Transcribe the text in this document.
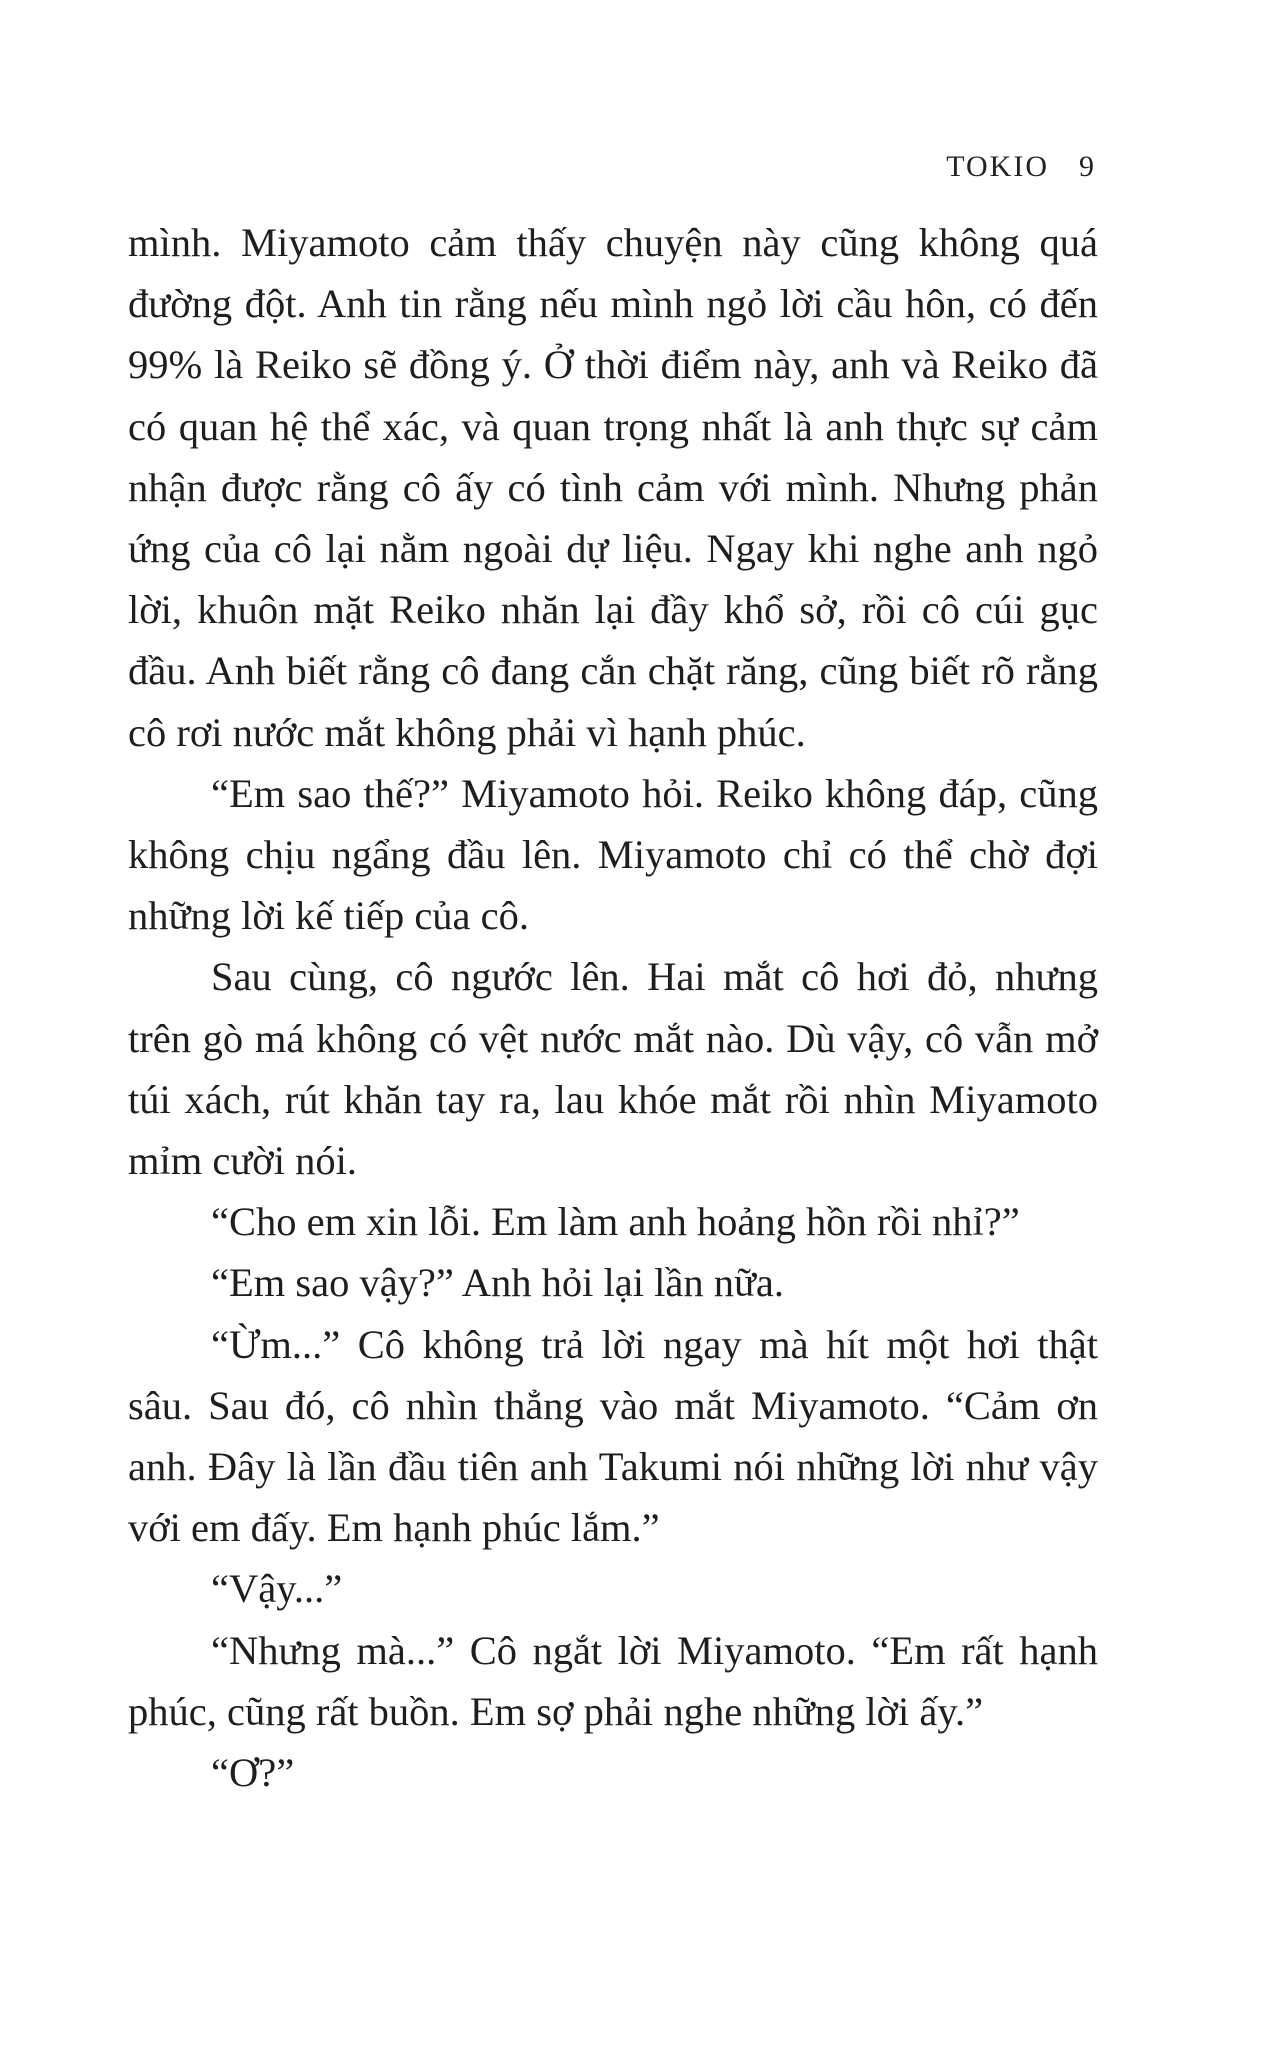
TOKIO 9

mình. Miyamoto cảm thấy chuyện này cũng không quá đường đột. Anh tin rằng nếu mình ngỏ lời cầu hôn, có đến 99% là Reiko sẽ đồng ý. Ở thời điểm này, anh và Reiko đã có quan hệ thể xác, và quan trọng nhất là anh thực sự cảm nhận được rằng cô ấy có tình cảm với mình. Nhưng phản ứng của cô lại nằm ngoài dự liệu. Ngay khi nghe anh ngỏ lời, khuôn mặt Reiko nhăn lại đầy khổ sở, rồi cô cúi gục đầu. Anh biết rằng cô đang cắn chặt răng, cũng biết rõ rằng cô rơi nước mắt không phải vì hạnh phúc.

“Em sao thế?” Miyamoto hỏi. Reiko không đáp, cũng không chịu ngẩng đầu lên. Miyamoto chỉ có thể chờ đợi những lời kế tiếp của cô.

Sau cùng, cô ngước lên. Hai mắt cô hơi đỏ, nhưng trên gò má không có vệt nước mắt nào. Dù vậy, cô vẫn mở túi xách, rút khăn tay ra, lau khóe mắt rồi nhìn Miyamoto mỉm cười nói.

“Cho em xin lỗi. Em làm anh hoảng hồn rồi nhỉ?”

“Em sao vậy?” Anh hỏi lại lần nữa.

“Ừm...” Cô không trả lời ngay mà hít một hơi thật sâu. Sau đó, cô nhìn thẳng vào mắt Miyamoto. “Cảm ơn anh. Đây là lần đầu tiên anh Takumi nói những lời như vậy với em đấy. Em hạnh phúc lắm.”

“Vậy...”

“Nhưng mà...” Cô ngắt lời Miyamoto. “Em rất hạnh phúc, cũng rất buồn. Em sợ phải nghe những lời ấy.”

“Ơ?”
